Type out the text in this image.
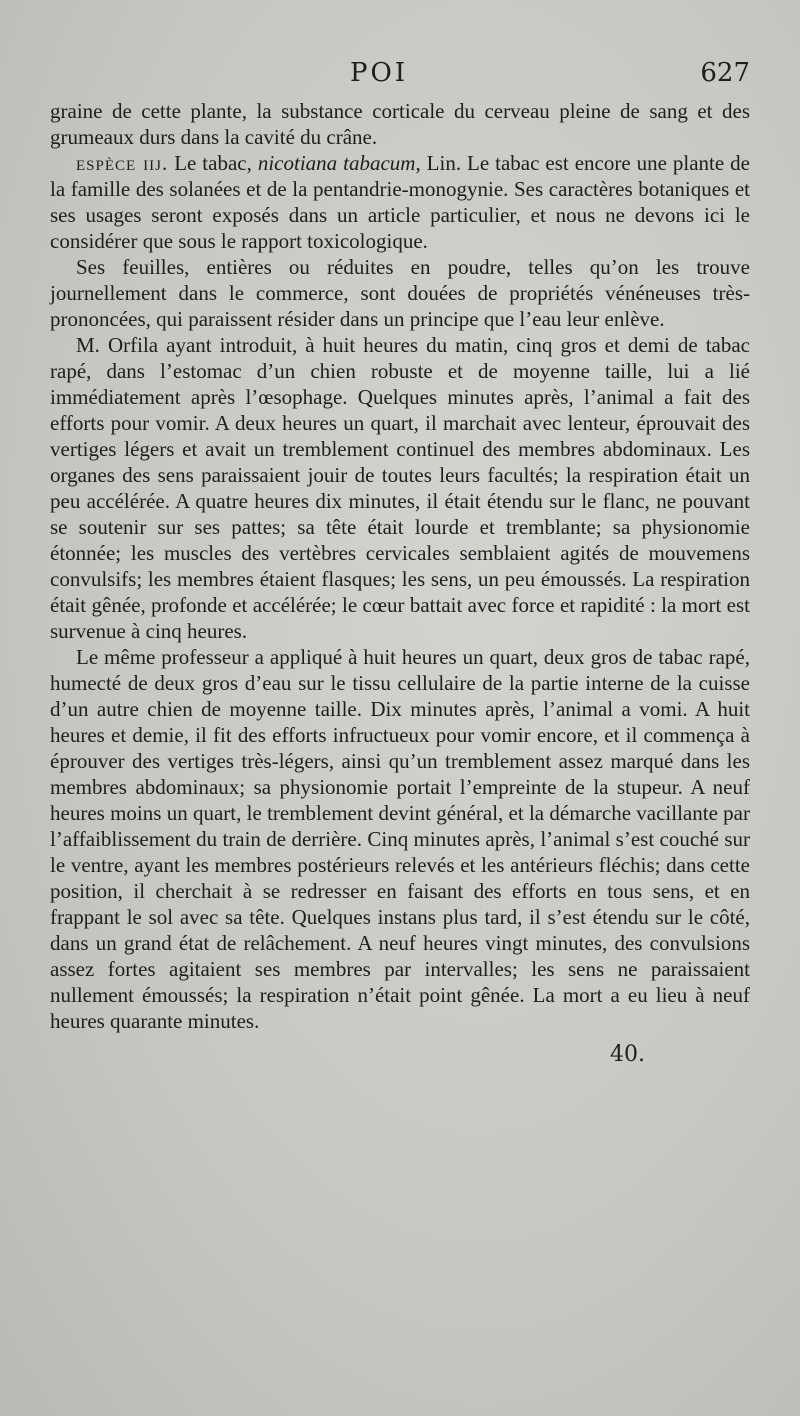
POI	627

graine de cette plante, la substance corticale du cerveau pleine de sang et des grumeaux durs dans la cavité du crâne.

espèce iij. Le tabac, nicotiana tabacum, Lin. Le tabac est encore une plante de la famille des solanées et de la pentandrie-monogynie. Ses caractères botaniques et ses usages seront exposés dans un article particulier, et nous ne devons ici le considérer que sous le rapport toxicologique.

Ses feuilles, entières ou réduites en poudre, telles qu’on les trouve journellement dans le commerce, sont douées de propriétés vénéneuses très-prononcées, qui paraissent résider dans un principe que l’eau leur enlève.

M. Orfila ayant introduit, à huit heures du matin, cinq gros et demi de tabac rapé, dans l’estomac d’un chien robuste et de moyenne taille, lui a lié immédiatement après l’œsophage. Quelques minutes après, l’animal a fait des efforts pour vomir. A deux heures un quart, il marchait avec lenteur, éprouvait des vertiges légers et avait un tremblement continuel des membres abdominaux. Les organes des sens paraissaient jouir de toutes leurs facultés; la respiration était un peu accélérée. A quatre heures dix minutes, il était étendu sur le flanc, ne pouvant se soutenir sur ses pattes; sa tête était lourde et tremblante; sa physionomie étonnée; les muscles des vertèbres cervicales semblaient agités de mouvemens convulsifs; les membres étaient flasques; les sens, un peu émoussés. La respiration était gênée, profonde et accélérée; le cœur battait avec force et rapidité : la mort est survenue à cinq heures.

Le même professeur a appliqué à huit heures un quart, deux gros de tabac rapé, humecté de deux gros d’eau sur le tissu cellulaire de la partie interne de la cuisse d’un autre chien de moyenne taille. Dix minutes après, l’animal a vomi. A huit heures et demie, il fit des efforts infructueux pour vomir encore, et il commença à éprouver des vertiges très-légers, ainsi qu’un tremblement assez marqué dans les membres abdominaux; sa physionomie portait l’empreinte de la stupeur. A neuf heures moins un quart, le tremblement devint général, et la démarche vacillante par l’affaiblissement du train de derrière. Cinq minutes après, l’animal s’est couché sur le ventre, ayant les membres postérieurs relevés et les antérieurs fléchis; dans cette position, il cherchait à se redresser en faisant des efforts en tous sens, et en frappant le sol avec sa tête. Quelques instans plus tard, il s’est étendu sur le côté, dans un grand état de relâchement. A neuf heures vingt minutes, des convulsions assez fortes agitaient ses membres par intervalles; les sens ne paraissaient nullement émoussés; la respiration n’était point gênée. La mort a eu lieu à neuf heures quarante minutes.

40.
